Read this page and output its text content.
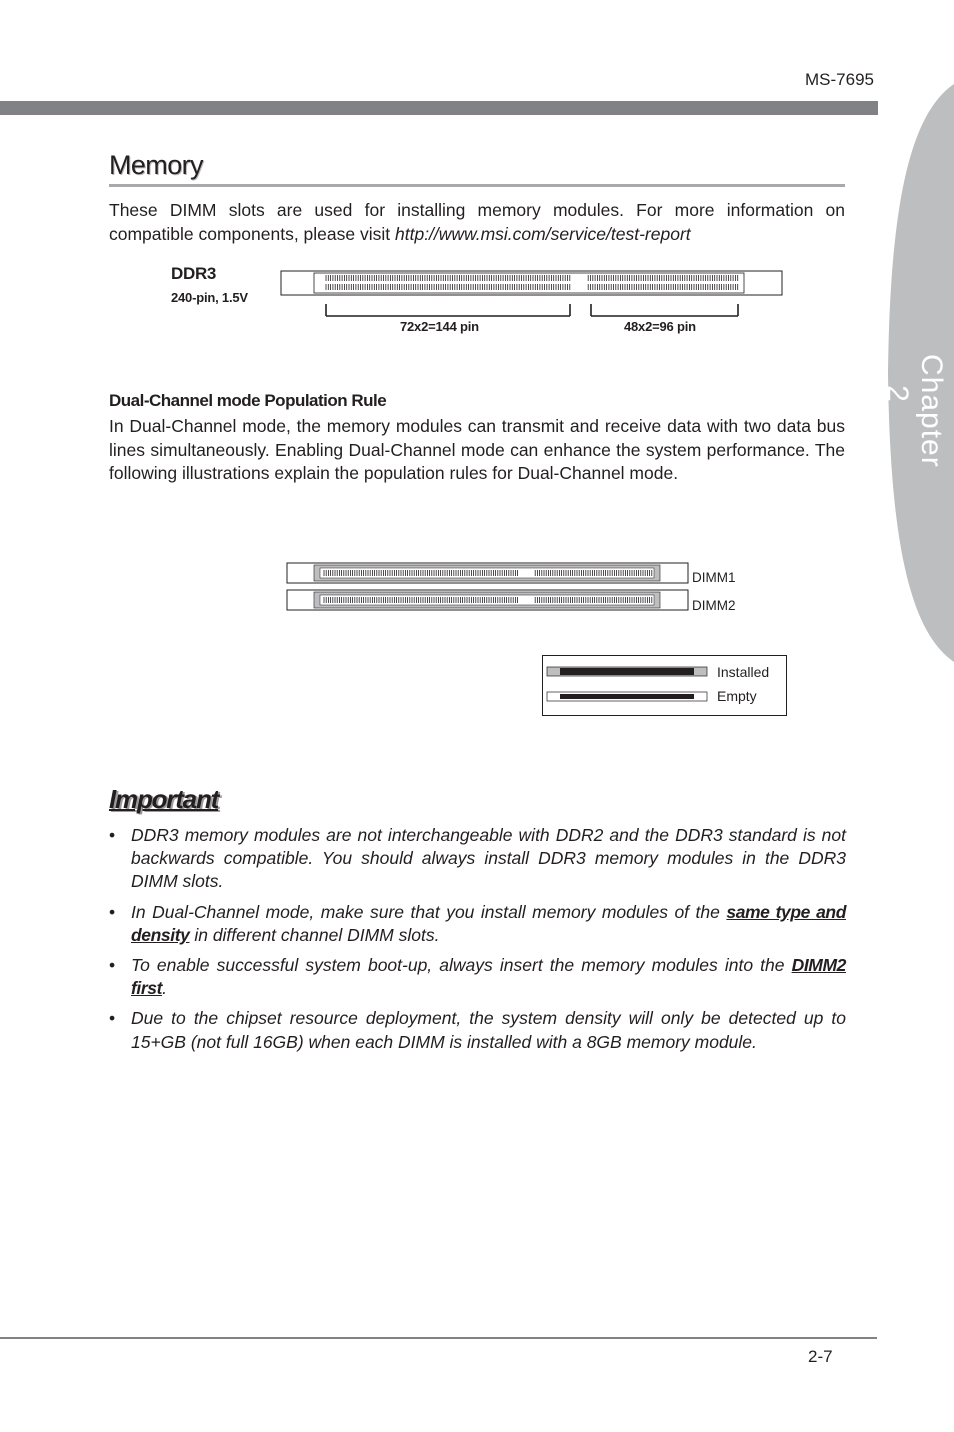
MS-7695
Chapter 2
Memory

These DIMM slots are used for installing memory modules. For more information on compatible components, please visit http://www.msi.com/service/test-report

DDR3
240-pin, 1.5V
72x2=144 pin	48x2=96 pin
Dual-Channel mode Population Rule

In Dual-Channel mode, the memory modules can transmit and receive data with two data bus lines simultaneously. Enabling Dual-Channel mode can enhance the system performance. The following illustrations explain the population rules for Dual-Channel mode.

DIMM1
DIMM2
Installed
Empty
Important
• DDR3 memory modules are not interchangeable with DDR2 and the DDR3 standard is not backwards compatible. You should always install DDR3 memory modules in the DDR3 DIMM slots.
• In Dual-Channel mode, make sure that you install memory modules of the same type and density in different channel DIMM slots.
• To enable successful system boot-up, always insert the memory modules into the DIMM2 first.
• Due to the chipset resource deployment, the system density will only be detected up to 15+GB (not full 16GB) when each DIMM is installed with a 8GB memory module.
2-7
